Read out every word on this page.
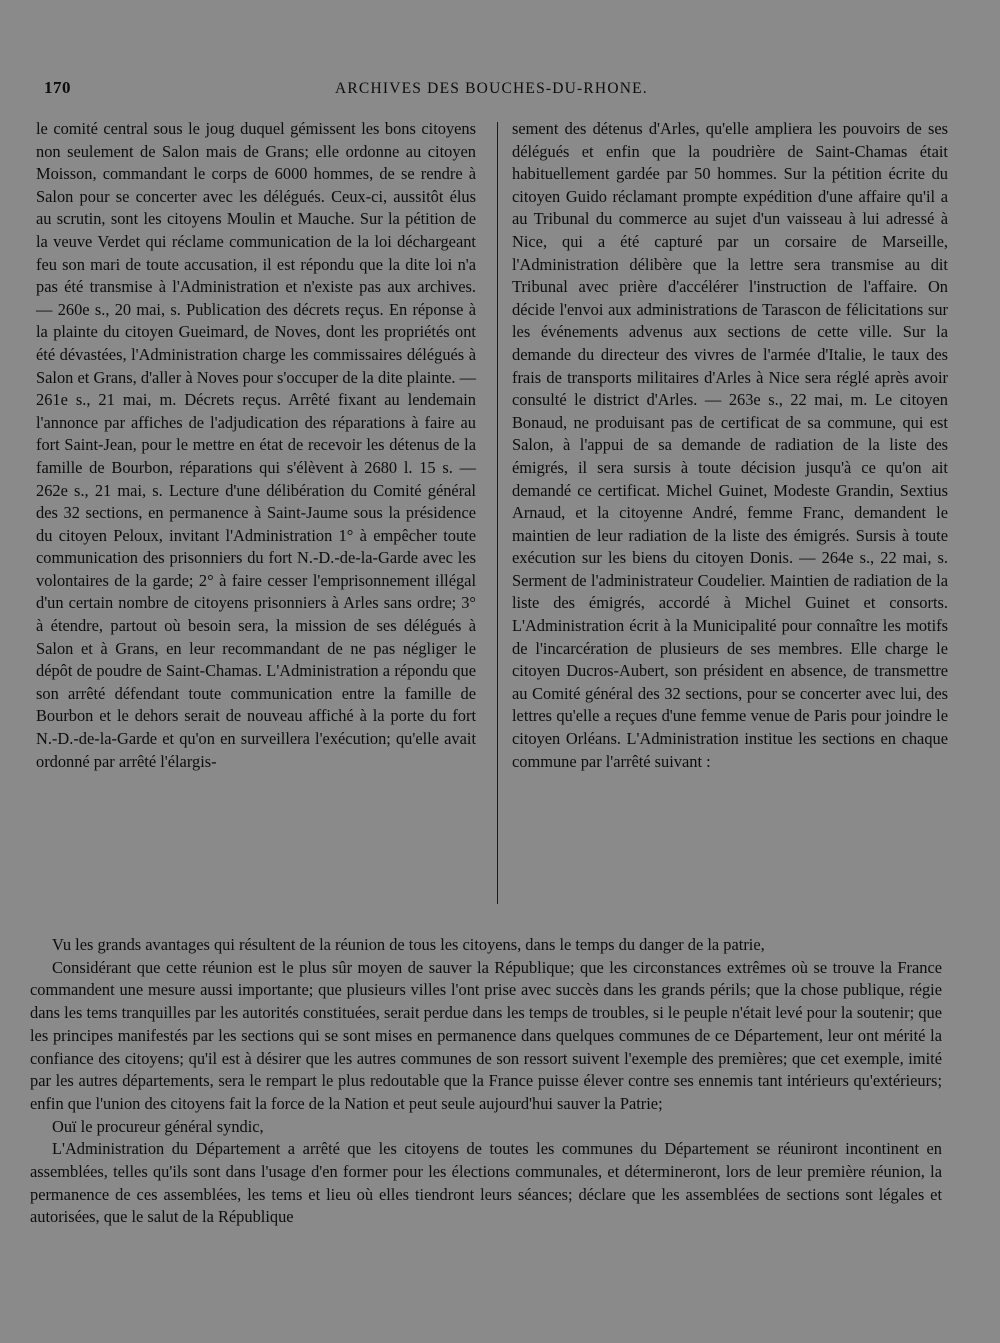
170	ARCHIVES DES BOUCHES-DU-RHONE.

le comité central sous le joug duquel gémissent les bons citoyens non seulement de Salon mais de Grans; elle ordonne au citoyen Moisson, commandant le corps de 6000 hommes, de se rendre à Salon pour se concerter avec les délégués. Ceux-ci, aussitôt élus au scrutin, sont les citoyens Moulin et Mauche. Sur la pétition de la veuve Verdet qui réclame communication de la loi déchargeant feu son mari de toute accusation, il est répondu que la dite loi n'a pas été transmise à l'Administration et n'existe pas aux archives. — 260e s., 20 mai, s. Publication des décrets reçus. En réponse à la plainte du citoyen Gueimard, de Noves, dont les propriétés ont été dévastées, l'Administration charge les commissaires délégués à Salon et Grans, d'aller à Noves pour s'occuper de la dite plainte. — 261e s., 21 mai, m. Décrets reçus. Arrêté fixant au lendemain l'annonce par affiches de l'adjudication des réparations à faire au fort Saint-Jean, pour le mettre en état de recevoir les détenus de la famille de Bourbon, réparations qui s'élèvent à 2680 l. 15 s. — 262e s., 21 mai, s. Lecture d'une délibération du Comité général des 32 sections, en permanence à Saint-Jaume sous la présidence du citoyen Peloux, invitant l'Administration 1° à empêcher toute communication des prisonniers du fort N.-D.-de-la-Garde avec les volontaires de la garde; 2° à faire cesser l'emprisonnement illégal d'un certain nombre de citoyens prisonniers à Arles sans ordre; 3° à étendre, partout où besoin sera, la mission de ses délégués à Salon et à Grans, en leur recommandant de ne pas négliger le dépôt de poudre de Saint-Chamas. L'Administration a répondu que son arrêté défendant toute communication entre la famille de Bourbon et le dehors serait de nouveau affiché à la porte du fort N.-D.-de-la-Garde et qu'on en surveillera l'exécution; qu'elle avait ordonné par arrêté l'élargis-

sement des détenus d'Arles, qu'elle ampliera les pouvoirs de ses délégués et enfin que la poudrière de Saint-Chamas était habituellement gardée par 50 hommes. Sur la pétition écrite du citoyen Guido réclamant prompte expédition d'une affaire qu'il a au Tribunal du commerce au sujet d'un vaisseau à lui adressé à Nice, qui a été capturé par un corsaire de Marseille, l'Administration délibère que la lettre sera transmise au dit Tribunal avec prière d'accélérer l'instruction de l'affaire. On décide l'envoi aux administrations de Tarascon de félicitations sur les événements advenus aux sections de cette ville. Sur la demande du directeur des vivres de l'armée d'Italie, le taux des frais de transports militaires d'Arles à Nice sera réglé après avoir consulté le district d'Arles. — 263e s., 22 mai, m. Le citoyen Bonaud, ne produisant pas de certificat de sa commune, qui est Salon, à l'appui de sa demande de radiation de la liste des émigrés, il sera sursis à toute décision jusqu'à ce qu'on ait demandé ce certificat. Michel Guinet, Modeste Grandin, Sextius Arnaud, et la citoyenne André, femme Franc, demandent le maintien de leur radiation de la liste des émigrés. Sursis à toute exécution sur les biens du citoyen Donis. — 264e s., 22 mai, s. Serment de l'administrateur Coudelier. Maintien de radiation de la liste des émigrés, accordé à Michel Guinet et consorts. L'Administration écrit à la Municipalité pour connaître les motifs de l'incarcération de plusieurs de ses membres. Elle charge le citoyen Ducros-Aubert, son président en absence, de transmettre au Comité général des 32 sections, pour se concerter avec lui, des lettres qu'elle a reçues d'une femme venue de Paris pour joindre le citoyen Orléans. L'Administration institue les sections en chaque commune par l'arrêté suivant :

Vu les grands avantages qui résultent de la réunion de tous les citoyens, dans le temps du danger de la patrie,

Considérant que cette réunion est le plus sûr moyen de sauver la République; que les circonstances extrêmes où se trouve la France commandent une mesure aussi importante; que plusieurs villes l'ont prise avec succès dans les grands périls; que la chose publique, régie dans les tems tranquilles par les autorités constituées, serait perdue dans les temps de troubles, si le peuple n'était levé pour la soutenir; que les principes manifestés par les sections qui se sont mises en permanence dans quelques communes de ce Département, leur ont mérité la confiance des citoyens; qu'il est à désirer que les autres communes de son ressort suivent l'exemple des premières; que cet exemple, imité par les autres départements, sera le rempart le plus redoutable que la France puisse élever contre ses ennemis tant intérieurs qu'extérieurs; enfin que l'union des citoyens fait la force de la Nation et peut seule aujourd'hui sauver la Patrie;

Ouï le procureur général syndic,

L'Administration du Département a arrêté que les citoyens de toutes les communes du Département se réuniront incontinent en assemblées, telles qu'ils sont dans l'usage d'en former pour les élections communales, et détermineront, lors de leur première réunion, la permanence de ces assemblées, les tems et lieu où elles tiendront leurs séances; déclare que les assemblées de sections sont légales et autorisées, que le salut de la République
